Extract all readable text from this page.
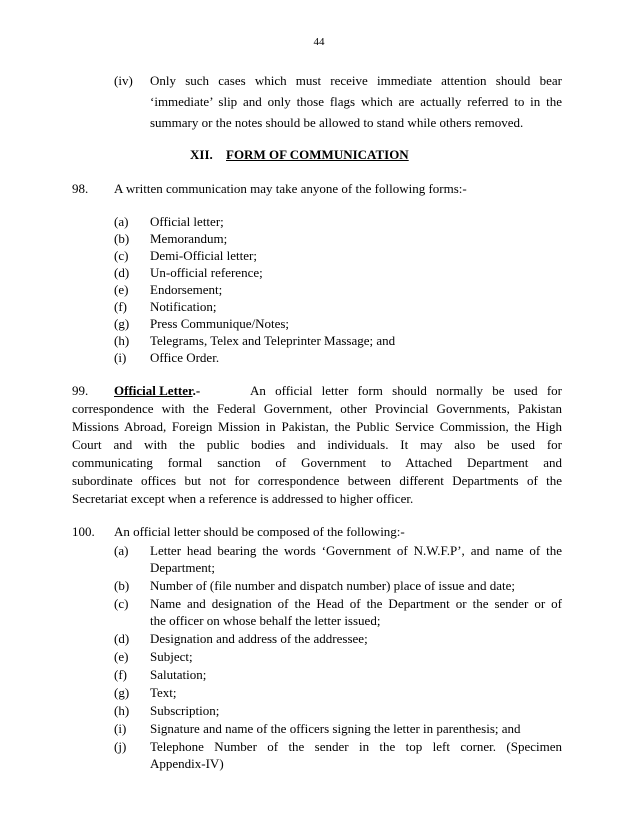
44
(iv) Only such cases which must receive immediate attention should bear
‘immediate’ slip and only those flags which are actually referred to in the
summary or the notes should be allowed to stand while others removed.
XII. FORM OF COMMUNICATION
98. A written communication may take anyone of the following forms:-
(a) Official letter;
(b) Memorandum;
(c) Demi-Official letter;
(d) Un-official reference;
(e) Endorsement;
(f) Notification;
(g) Press Communique/Notes;
(h) Telegrams, Telex and Teleprinter Massage; and
(i) Office Order.
99. Official Letter.-	An official letter form should normally be used for
correspondence with the Federal Government, other Provincial Governments, Pakistan
Missions Abroad, Foreign Mission in Pakistan, the Public Service Commission, the High
Court and with the public bodies and individuals. It may also be used for
communicating formal sanction of Government to Attached Department and
subordinate offices but not for correspondence between different Departments of the
Secretariat except when a reference is addressed to higher officer.
100. An official letter should be composed of the following:-
(a) Letter head bearing the words ‘Government of N.W.F.P’, and name of the
Department;
(b) Number of (file number and dispatch number) place of issue and date;
(c) Name and designation of the Head of the Department or the sender or of
the officer on whose behalf the letter issued;
(d) Designation and address of the addressee;
(e) Subject;
(f) Salutation;
(g) Text;
(h) Subscription;
(i) Signature and name of the officers signing the letter in parenthesis; and
(j) Telephone Number of the sender in the top left corner. (Specimen
Appendix-IV)
